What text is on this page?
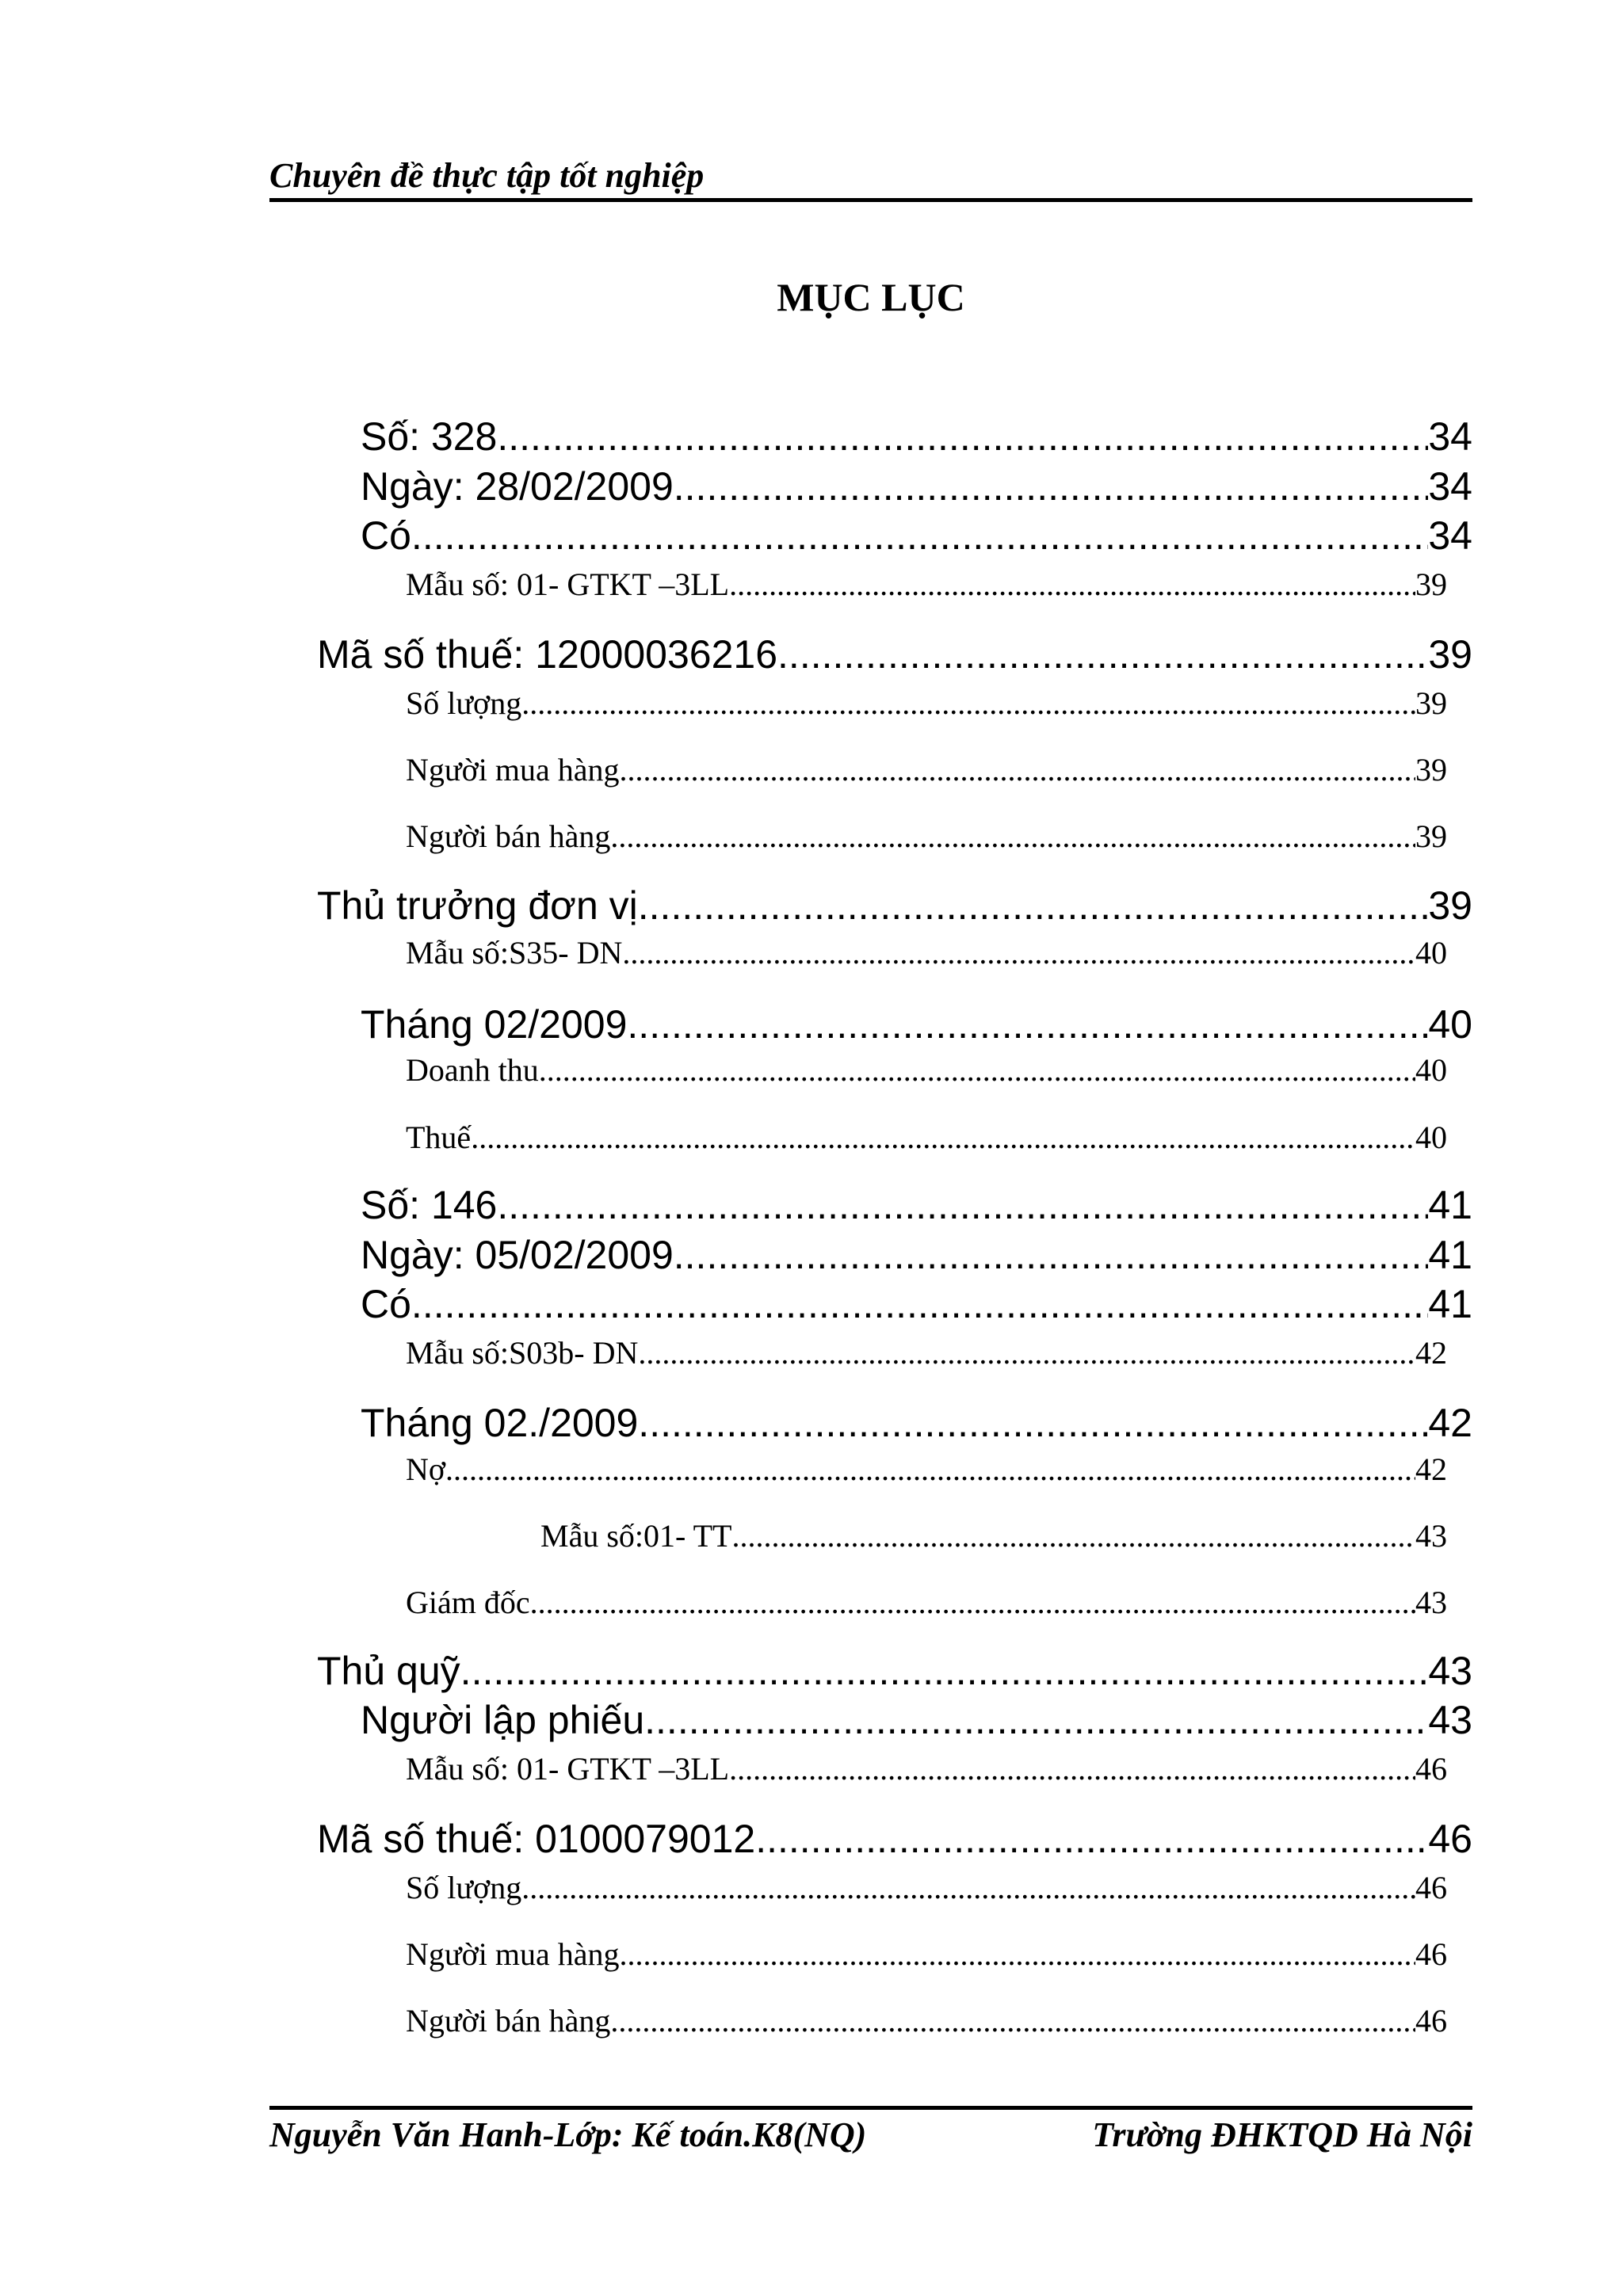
Chuyên đề thực tập tốt nghiệp
MỤC LỤC
Số: 328 .....	34
Ngày: 28/02/2009 .....	34
Có .....	34
Mẫu số: 01- GTKT –3LL .....	39
Mã số thuế: 12000036216 .....	39
Số lượng .....	39
Người mua hàng .....	39
Người bán hàng .....	39
Thủ trưởng đơn vị .....	39
Mẫu số:S35- DN .....	40
Tháng 02/2009 .....	40
Doanh thu .....	40
Thuế .....	40
Số: 146 .....	41
Ngày: 05/02/2009 .....	41
Có .....	41
Mẫu số:S03b- DN .....	42
Tháng 02./2009 .....	42
Nợ .....	42
Mẫu số:01- TT .....	43
Giám đốc .....	43
Thủ quỹ .....	43
Người lập phiếu .....	43
Mẫu số: 01- GTKT –3LL .....	46
Mã số thuế: 0100079012 .....	46
Số lượng .....	46
Người mua hàng .....	46
Người bán hàng .....	46
Nguyễn Văn Hanh-Lớp: Kế toán.K8(NQ)	Trường ĐHKTQD Hà Nội
